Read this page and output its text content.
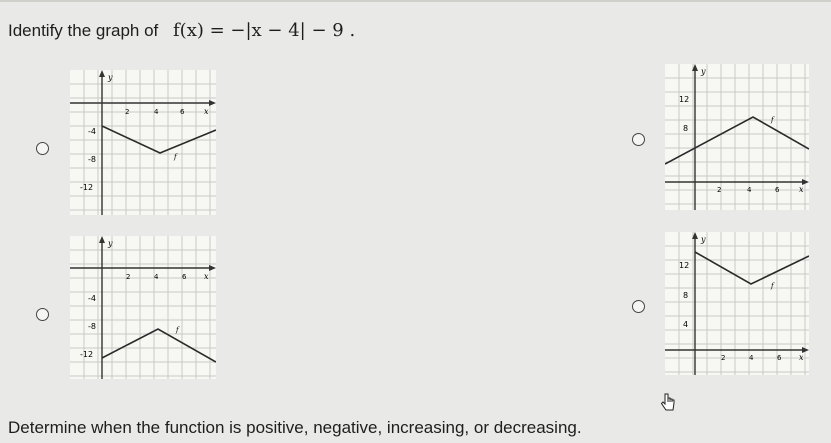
Identify the graph of f(x) = −|x − 4| − 9 .
y
x
2	4	6
-4
-8
-12
f
y
x
2	4	6
12
8
f
y
x
2	4	6
-4
-8
-12
f
y
x
2	4	6
12
8
4
f
Determine when the function is positive, negative, increasing, or decreasing.
